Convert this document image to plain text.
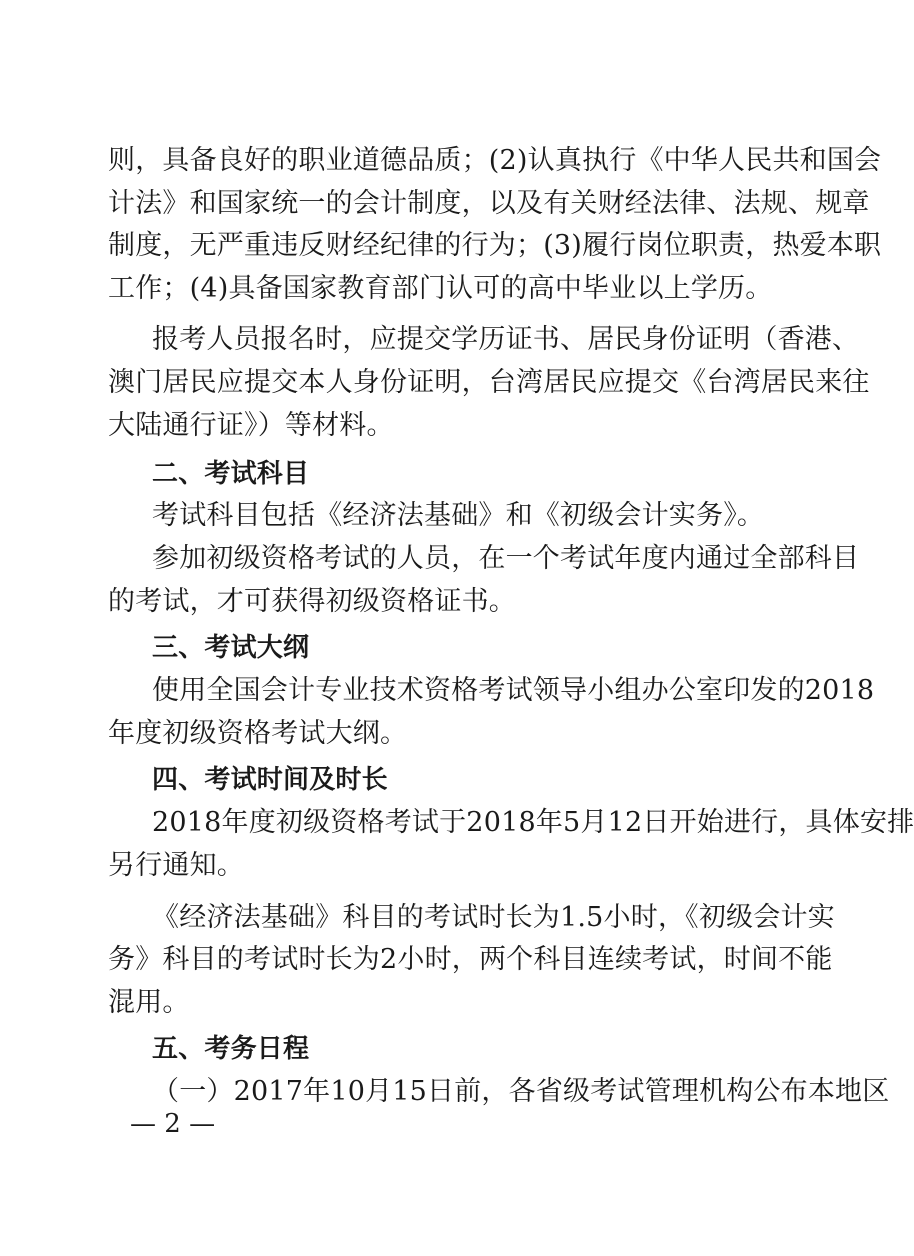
则，具备良好的职业道德品质；(2)认真执行《中华人民共和国会
计法》和国家统一的会计制度，以及有关财经法律、法规、规章
制度，无严重违反财经纪律的行为；(3)履行岗位职责，热爱本职
工作；(4)具备国家教育部门认可的高中毕业以上学历。
报考人员报名时，应提交学历证书、居民身份证明（香港、
澳门居民应提交本人身份证明，台湾居民应提交《台湾居民来往
大陆通行证》）等材料。
二、考试科目
考试科目包括《经济法基础》和《初级会计实务》。
参加初级资格考试的人员，在一个考试年度内通过全部科目
的考试，才可获得初级资格证书。
三、考试大纲
使用全国会计专业技术资格考试领导小组办公室印发的2018
年度初级资格考试大纲。
四、考试时间及时长
2018年度初级资格考试于2018年5月12日开始进行，具体安排
另行通知。
《经济法基础》科目的考试时长为1.5小时，《初级会计实
务》科目的考试时长为2小时，两个科目连续考试，时间不能
混用。
五、考务日程
（一）2017年10月15日前，各省级考试管理机构公布本地区
— 2 —
